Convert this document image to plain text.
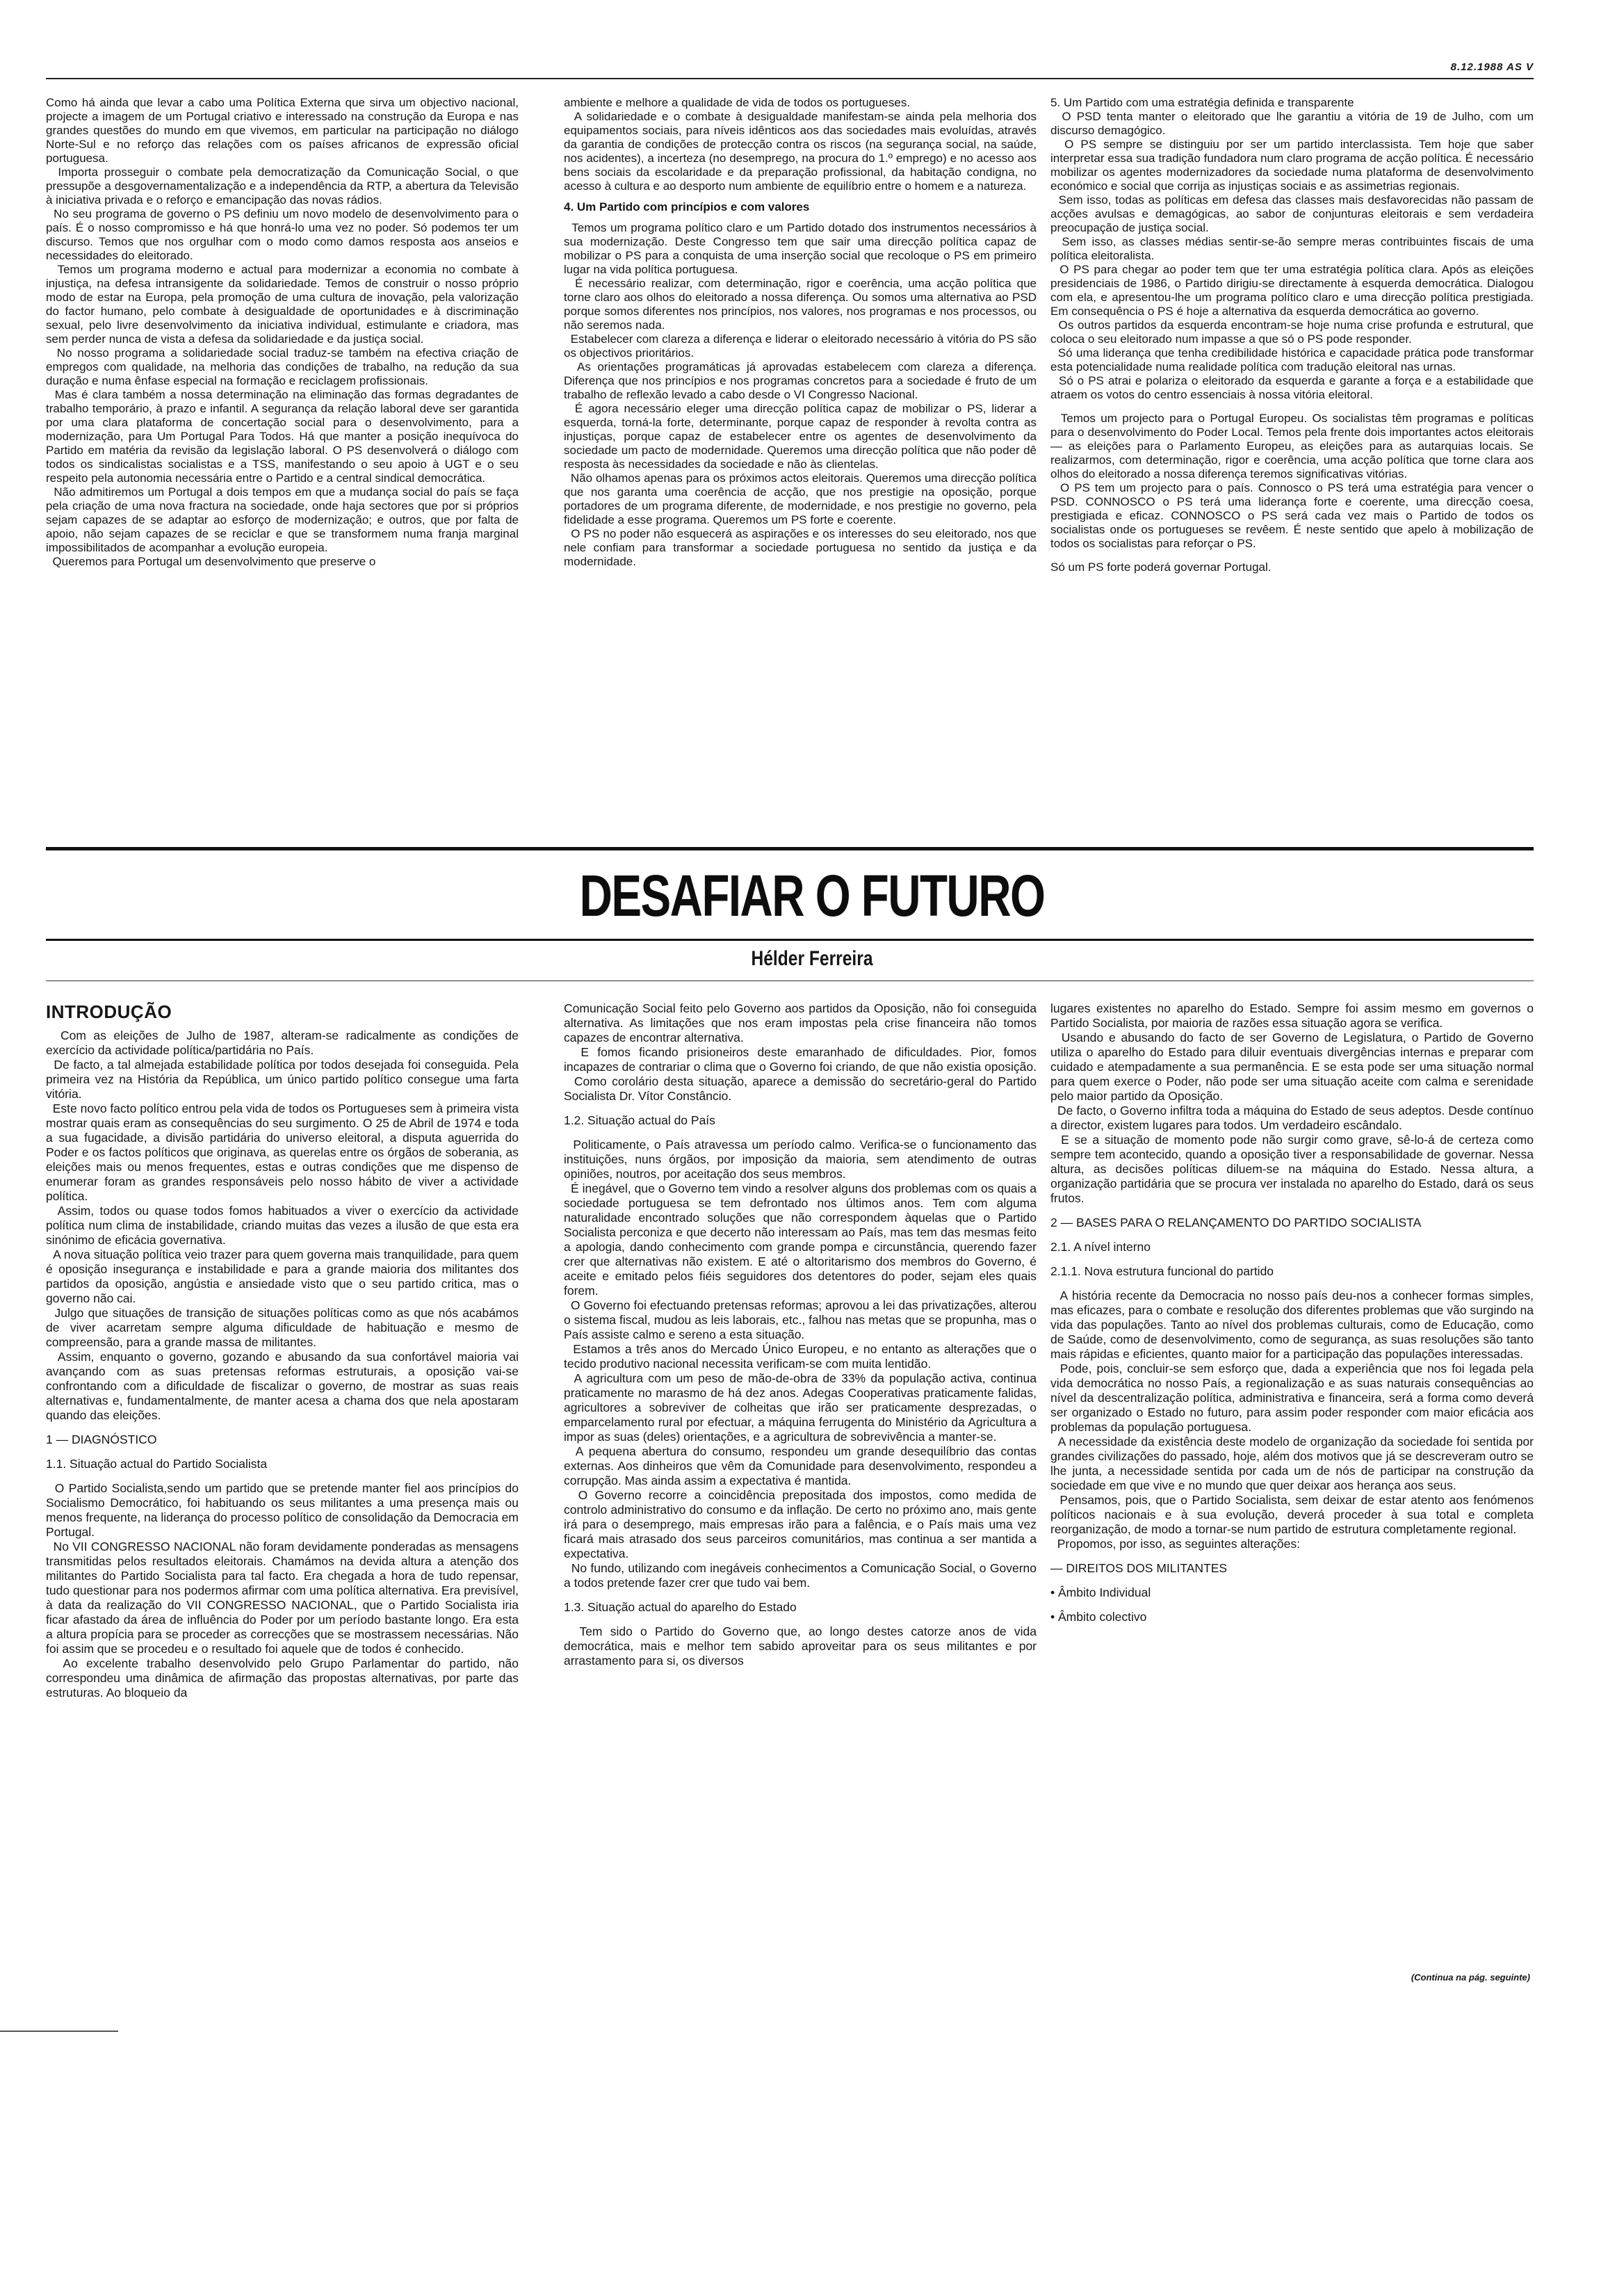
8.12.1988 AS V

Como há ainda que levar a cabo uma Política Externa que sirva um objectivo nacional, projecte a imagem de um Portugal criativo e interessado na construção da Europa e nas grandes questões do mundo em que vivemos, em particular na participação no diálogo Norte-Sul e no reforço das relações com os países africanos de expressão oficial portuguesa.
Importa prosseguir o combate pela democratização da Comunicação Social, o que pressupõe a desgovernamentalização e a independência da RTP, a abertura da Televisão à iniciativa privada e o reforço e emancipação das novas rádios.
No seu programa de governo o PS definiu um novo modelo de desenvolvimento para o país. É o nosso compromisso e há que honrá-lo uma vez no poder. Só podemos ter um discurso. Temos que nos orgulhar com o modo como damos resposta aos anseios e necessidades do eleitorado.
Temos um programa moderno e actual para modernizar a economia no combate à injustiça, na defesa intransigente da solidariedade. Temos de construir o nosso próprio modo de estar na Europa, pela promoção de uma cultura de inovação, pela valorização do factor humano, pelo combate à desigualdade de oportunidades e à discriminação sexual, pelo livre desenvolvimento da iniciativa individual, estimulante e criadora, mas sem perder nunca de vista a defesa da solidariedade e da justiça social.
No nosso programa a solidariedade social traduz-se também na efectiva criação de empregos com qualidade, na melhoria das condições de trabalho, na redução da sua duração e numa ênfase especial na formação e reciclagem profissionais.
Mas é clara também a nossa determinação na eliminação das formas degradantes de trabalho temporário, à prazo e infantil. A segurança da relação laboral deve ser garantida por uma clara plataforma de concertação social para o desenvolvimento, para a modernização, para Um Portugal Para Todos. Há que manter a posição inequívoca do Partido em matéria da revisão da legislação laboral. O PS desenvolverá o diálogo com todos os sindicalistas socialistas e a TSS, manifestando o seu apoio à UGT e o seu respeito pela autonomia necessária entre o Partido e a central sindical democrática.
Não admitiremos um Portugal a dois tempos em que a mudança social do país se faça pela criação de uma nova fractura na sociedade, onde haja sectores que por si próprios sejam capazes de se adaptar ao esforço de modernização; e outros, que por falta de apoio, não sejam capazes de se reciclar e que se transformem numa franja marginal impossibilitados de acompanhar a evolução europeia.
Queremos para Portugal um desenvolvimento que preserve o

ambiente e melhore a qualidade de vida de todos os portugueses.
A solidariedade e o combate à desigualdade manifestam-se ainda pela melhoria dos equipamentos sociais, para níveis idênticos aos das sociedades mais evoluídas, através da garantia de condições de protecção contra os riscos (na segurança social, na saúde, nos acidentes), a incerteza (no desemprego, na procura do 1.º emprego) e no acesso aos bens sociais da escolaridade e da preparação profissional, da habitação condigna, no acesso à cultura e ao desporto num ambiente de equilíbrio entre o homem e a natureza.

4. Um Partido com princípios e com valores

Temos um programa político claro e um Partido dotado dos instrumentos necessários à sua modernização. Deste Congresso tem que sair uma direcção política capaz de mobilizar o PS para a conquista de uma inserção social que recoloque o PS em primeiro lugar na vida política portuguesa.
É necessário realizar, com determinação, rigor e coerência, uma acção política que torne claro aos olhos do eleitorado a nossa diferença. Ou somos uma alternativa ao PSD porque somos diferentes nos princípios, nos valores, nos programas e nos processos, ou não seremos nada.
Estabelecer com clareza a diferença e liderar o eleitorado necessário à vitória do PS são os objectivos prioritários.
As orientações programáticas já aprovadas estabelecem com clareza a diferença. Diferença que nos princípios e nos programas concretos para a sociedade é fruto de um trabalho de reflexão levado a cabo desde o VI Congresso Nacional.
É agora necessário eleger uma direcção política capaz de mobilizar o PS, liderar a esquerda, torná-la forte, determinante, porque capaz de responder à revolta contra as injustiças, porque capaz de estabelecer entre os agentes de desenvolvimento da sociedade um pacto de modernidade. Queremos uma direcção política que não poder dê resposta às necessidades da sociedade e não às clientelas.
Não olhamos apenas para os próximos actos eleitorais. Queremos uma direcção política que nos garanta uma coerência de acção, que nos prestigie na oposição, porque portadores de um programa diferente, de modernidade, e nos prestigie no governo, pela fidelidade a esse programa. Queremos um PS forte e coerente.
O PS no poder não esquecerá as aspirações e os interesses do seu eleitorado, nos que nele confiam para transformar a sociedade portuguesa no sentido da justiça e da modernidade.

5. Um Partido com uma estratégia definida e transparente
O PSD tenta manter o eleitorado que lhe garantiu a vitória de 19 de Julho, com um discurso demagógico.
O PS sempre se distinguiu por ser um partido interclassista. Tem hoje que saber interpretar essa sua tradição fundadora num claro programa de acção política. É necessário mobilizar os agentes modernizadores da sociedade numa plataforma de desenvolvimento económico e social que corrija as injustiças sociais e as assimetrias regionais.
Sem isso, todas as políticas em defesa das classes mais desfavorecidas não passam de acções avulsas e demagógicas, ao sabor de conjunturas eleitorais e sem verdadeira preocupação de justiça social.
Sem isso, as classes médias sentir-se-ão sempre meras contribuintes fiscais de uma política eleitoralista.
O PS para chegar ao poder tem que ter uma estratégia política clara. Após as eleições presidenciais de 1986, o Partido dirigiu-se directamente à esquerda democrática. Dialogou com ela, e apresentou-lhe um programa político claro e uma direcção política prestigiada. Em consequência o PS é hoje a alternativa da esquerda democrática ao governo.
Os outros partidos da esquerda encontram-se hoje numa crise profunda e estrutural, que coloca o seu eleitorado num impasse a que só o PS pode responder.
Só uma liderança que tenha credibilidade histórica e capacidade prática pode transformar esta potencialidade numa realidade política com tradução eleitoral nas urnas.
Só o PS atrai e polariza o eleitorado da esquerda e garante a força e a estabilidade que atraem os votos do centro essenciais à nossa vitória eleitoral.

Temos um projecto para o Portugal Europeu. Os socialistas têm programas e políticas para o desenvolvimento do Poder Local. Temos pela frente dois importantes actos eleitorais — as eleições para o Parlamento Europeu, as eleições para as autarquias locais. Se realizarmos, com determinação, rigor e coerência, uma acção política que torne clara aos olhos do eleitorado a nossa diferença teremos significativas vitórias.
O PS tem um projecto para o país. Connosco o PS terá uma estratégia para vencer o PSD. CONNOSCO o PS terá uma liderança forte e coerente, uma direcção coesa, prestigiada e eficaz. CONNOSCO o PS será cada vez mais o Partido de todos os socialistas onde os portugueses se revêem. É neste sentido que apelo à mobilização de todos os socialistas para reforçar o PS.

Só um PS forte poderá governar Portugal.

DESAFIAR O FUTURO
Hélder Ferreira
INTRODUÇÃO

Com as eleições de Julho de 1987, alteram-se radicalmente as condições de exercício da actividade política/partidária no País.
De facto, a tal almejada estabilidade política por todos desejada foi conseguida. Pela primeira vez na História da República, um único partido político consegue uma farta vitória.
Este novo facto político entrou pela vida de todos os Portugueses sem à primeira vista mostrar quais eram as consequências do seu surgimento. O 25 de Abril de 1974 e toda a sua fugacidade, a divisão partidária do universo eleitoral, a disputa aguerrida do Poder e os factos políticos que originava, as querelas entre os órgãos de soberania, as eleições mais ou menos frequentes, estas e outras condições que me dispenso de enumerar foram as grandes responsáveis pelo nosso hábito de viver a actividade política.
Assim, todos ou quase todos fomos habituados a viver o exercício da actividade política num clima de instabilidade, criando muitas das vezes a ilusão de que esta era sinónimo de eficácia governativa.
A nova situação política veio trazer para quem governa mais tranquilidade, para quem é oposição insegurança e instabilidade e para a grande maioria dos militantes dos partidos da oposição, angústia e ansiedade visto que o seu partido critica, mas o governo não cai.
Julgo que situações de transição de situações políticas como as que nós acabámos de viver acarretam sempre alguma dificuldade de habituação e mesmo de compreensão, para a grande massa de militantes.
Assim, enquanto o governo, gozando e abusando da sua confortável maioria vai avançando com as suas pretensas reformas estruturais, a oposição vai-se confrontando com a dificuldade de fiscalizar o governo, de mostrar as suas reais alternativas e, fundamentalmente, de manter acesa a chama dos que nela apostaram quando das eleições.

1 — DIAGNÓSTICO
1.1. Situação actual do Partido Socialista

O Partido Socialista,sendo um partido que se pretende manter fiel aos princípios do Socialismo Democrático, foi habituando os seus militantes a uma presença mais ou menos frequente, na liderança do processo político de consolidação da Democracia em Portugal.
No VII CONGRESSO NACIONAL não foram devidamente ponderadas as mensagens transmitidas pelos resultados eleitorais. Chamámos na devida altura a atenção dos militantes do Partido Socialista para tal facto. Era chegada a hora de tudo repensar, tudo questionar para nos podermos afirmar com uma política alternativa. Era previsível, à data da realização do VII CONGRESSO NACIONAL, que o Partido Socialista iria ficar afastado da área de influência do Poder por um período bastante longo. Era esta a altura propícia para se proceder as correcções que se mostrassem necessárias. Não foi assim que se procedeu e o resultado foi aquele que de todos é conhecido.
Ao excelente trabalho desenvolvido pelo Grupo Parlamentar do partido, não correspondeu uma dinâmica de afirmação das propostas alternativas, por parte das estruturas. Ao bloqueio da

Comunicação Social feito pelo Governo aos partidos da Oposição, não foi conseguida alternativa. As limitações que nos eram impostas pela crise financeira não tomos capazes de encontrar alternativa.
E fomos ficando prisioneiros deste emaranhado de dificuldades. Pior, fomos incapazes de contrariar o clima que o Governo foi criando, de que não existia oposição.
Como corolário desta situação, aparece a demissão do secretário-geral do Partido Socialista Dr. Vítor Constâncio.

1.2. Situação actual do País

Politicamente, o País atravessa um período calmo. Verifica-se o funcionamento das instituições, nuns órgãos, por imposição da maioria, sem atendimento de outras opiniões, noutros, por aceitação dos seus membros.
É inegável, que o Governo tem vindo a resolver alguns dos problemas com os quais a sociedade portuguesa se tem defrontado nos últimos anos. Tem com alguma naturalidade encontrado soluções que não correspondem àquelas que o Partido Socialista perconiza e que decerto não interessam ao País, mas tem das mesmas feito a apologia, dando conhecimento com grande pompa e circunstância, querendo fazer crer que alternativas não existem. E até o altoritarismo dos membros do Governo, é aceite e emitado pelos fiéis seguidores dos detentores do poder, sejam eles quais forem.
O Governo foi efectuando pretensas reformas; aprovou a lei das privatizações, alterou o sistema fiscal, mudou as leis laborais, etc., falhou nas metas que se propunha, mas o País assiste calmo e sereno a esta situação.
Estamos a três anos do Mercado Único Europeu, e no entanto as alterações que o tecido produtivo nacional necessita verificam-se com muita lentidão.
A agricultura com um peso de mão-de-obra de 33% da população activa, continua praticamente no marasmo de há dez anos. Adegas Cooperativas praticamente falidas, agricultores a sobreviver de colheitas que irão ser praticamente desprezadas, o emparcelamento rural por efectuar, a máquina ferrugenta do Ministério da Agricultura a impor as suas (deles) orientações, e a agricultura de sobrevivência a manter-se.
A pequena abertura do consumo, respondeu um grande desequilíbrio das contas externas. Aos dinheiros que vêm da Comunidade para desenvolvimento, respondeu a corrupção. Mas ainda assim a expectativa é mantida.
O Governo recorre a coincidência prepositada dos impostos, como medida de controlo administrativo do consumo e da inflação. De certo no próximo ano, mais gente irá para o desemprego, mais empresas irão para a falência, e o País mais uma vez ficará mais atrasado dos seus parceiros comunitários, mas continua a ser mantida a expectativa.
No fundo, utilizando com inegáveis conhecimentos a Comunicação Social, o Governo a todos pretende fazer crer que tudo vai bem.

1.3. Situação actual do aparelho do Estado

Tem sido o Partido do Governo que, ao longo destes catorze anos de vida democrática, mais e melhor tem sabido aproveitar para os seus militantes e por arrastamento para si, os diversos

lugares existentes no aparelho do Estado. Sempre foi assim mesmo em governos o Partido Socialista, por maioria de razões essa situação agora se verifica.
Usando e abusando do facto de ser Governo de Legislatura, o Partido de Governo utiliza o aparelho do Estado para diluir eventuais divergências internas e preparar com cuidado e atempadamente a sua permanência. E se esta pode ser uma situação normal para quem exerce o Poder, não pode ser uma situação aceite com calma e serenidade pelo maior partido da Oposição.
De facto, o Governo infiltra toda a máquina do Estado de seus adeptos. Desde contínuo a director, existem lugares para todos. Um verdadeiro escândalo.
E se a situação de momento pode não surgir como grave, sê-lo-á de certeza como sempre tem acontecido, quando a oposição tiver a responsabilidade de governar. Nessa altura, as decisões políticas diluem-se na máquina do Estado. Nessa altura, a organização partidária que se procura ver instalada no aparelho do Estado, dará os seus frutos.

2 — BASES PARA O RELANÇAMENTO DO PARTIDO SOCIALISTA
2.1. A nível interno
2.1.1. Nova estrutura funcional do partido

A história recente da Democracia no nosso país deu-nos a conhecer formas simples, mas eficazes, para o combate e resolução dos diferentes problemas que vão surgindo na vida das populações. Tanto ao nível dos problemas culturais, como de Educação, como de Saúde, como de desenvolvimento, como de segurança, as suas resoluções são tanto mais rápidas e eficientes, quanto maior for a participação das populações interessadas.
Pode, pois, concluir-se sem esforço que, dada a experiência que nos foi legada pela vida democrática no nosso País, a regionalização e as suas naturais consequências ao nível da descentralização política, administrativa e financeira, será a forma como deverá ser organizado o Estado no futuro, para assim poder responder com maior eficácia aos problemas da população portuguesa.
A necessidade da existência deste modelo de organização da sociedade foi sentida por grandes civilizações do passado, hoje, além dos motivos que já se descreveram outro se lhe junta, a necessidade sentida por cada um de nós de participar na construção da sociedade em que vive e no mundo que quer deixar aos herança aos seus.
Pensamos, pois, que o Partido Socialista, sem deixar de estar atento aos fenómenos políticos nacionais e à sua evolução, deverá proceder à sua total e completa reorganização, de modo a tornar-se num partido de estrutura completamente regional.
Propomos, por isso, as seguintes alterações:

— DIREITOS DOS MILITANTES
• Âmbito Individual
• Âmbito colectivo
(Continua na pág. seguinte)
